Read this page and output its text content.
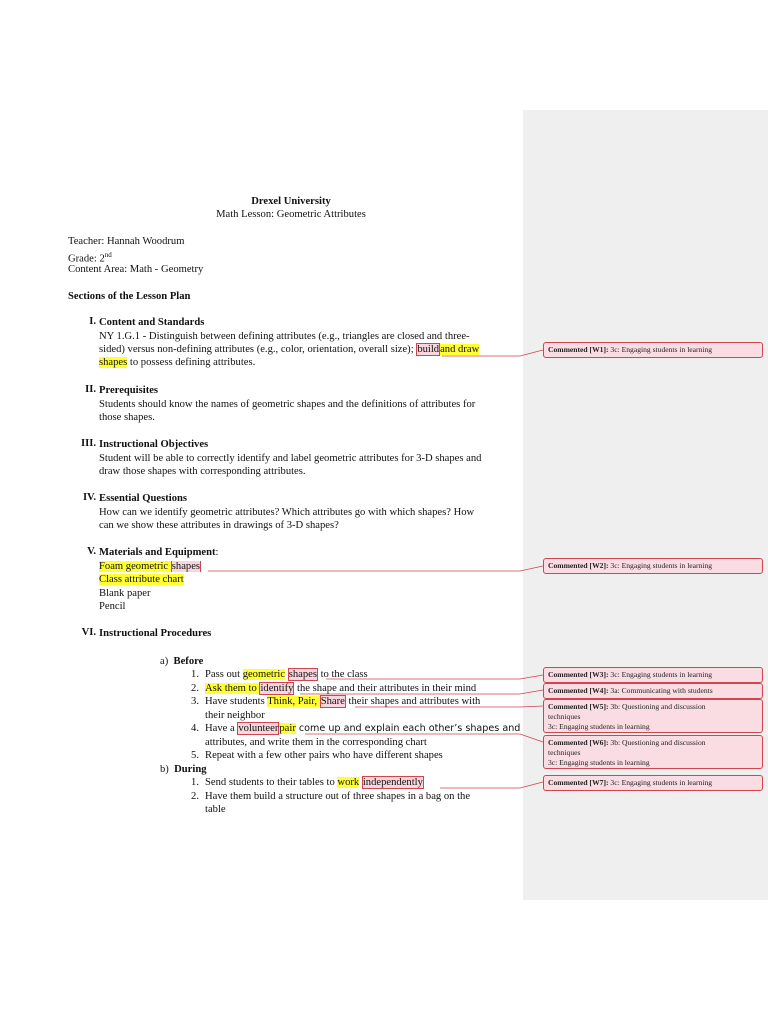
Drexel University
Math Lesson: Geometric Attributes
Teacher: Hannah Woodrum
Grade: 2nd
Content Area: Math - Geometry
Sections of the Lesson Plan
I. Content and Standards
NY 1.G.1 - Distinguish between defining attributes (e.g., triangles are closed and three-
sided) versus non-defining attributes (e.g., color, orientation, overall size); buildand draw
shapes to possess defining attributes.
II. Prerequisites
Students should know the names of geometric shapes and the definitions of attributes for
those shapes.
III. Instructional Objectives
Student will be able to correctly identify and label geometric attributes for 3-D shapes and
draw those shapes with corresponding attributes.
IV. Essential Questions
How can we identify geometric attributes? Which attributes go with which shapes? How
can we show these attributes in drawings of 3-D shapes?
V. Materials and Equipment:
Foam geometric shapes
Class attribute chart
Blank paper
Pencil
VI. Instructional Procedures
a) Before
1. Pass out geometric shapes to the class
2. Ask them to identify the shape and their attributes in their mind
3. Have students Think, Pair, Share their shapes and attributes with
their neighbor
4. Have a volunteerpair come up and explain each other’s shapes and
attributes, and write them in the corresponding chart
5. Repeat with a few other pairs who have different shapes
b) During
1. Send students to their tables to work independently
2. Have them build a structure out of three shapes in a bag on the
table
Commented [W1]: 3c: Engaging students in learning
Commented [W2]: 3c: Engaging students in learning
Commented [W3]: 3c: Engaging students in learning
Commented [W4]: 3a: Communicating with students
Commented [W5]: 3b: Questioning and discussion
techniques
3c: Engaging students in learning
Commented [W6]: 3b: Questioning and discussion
techniques
3c: Engaging students in learning
Commented [W7]: 3c: Engaging students in learning
